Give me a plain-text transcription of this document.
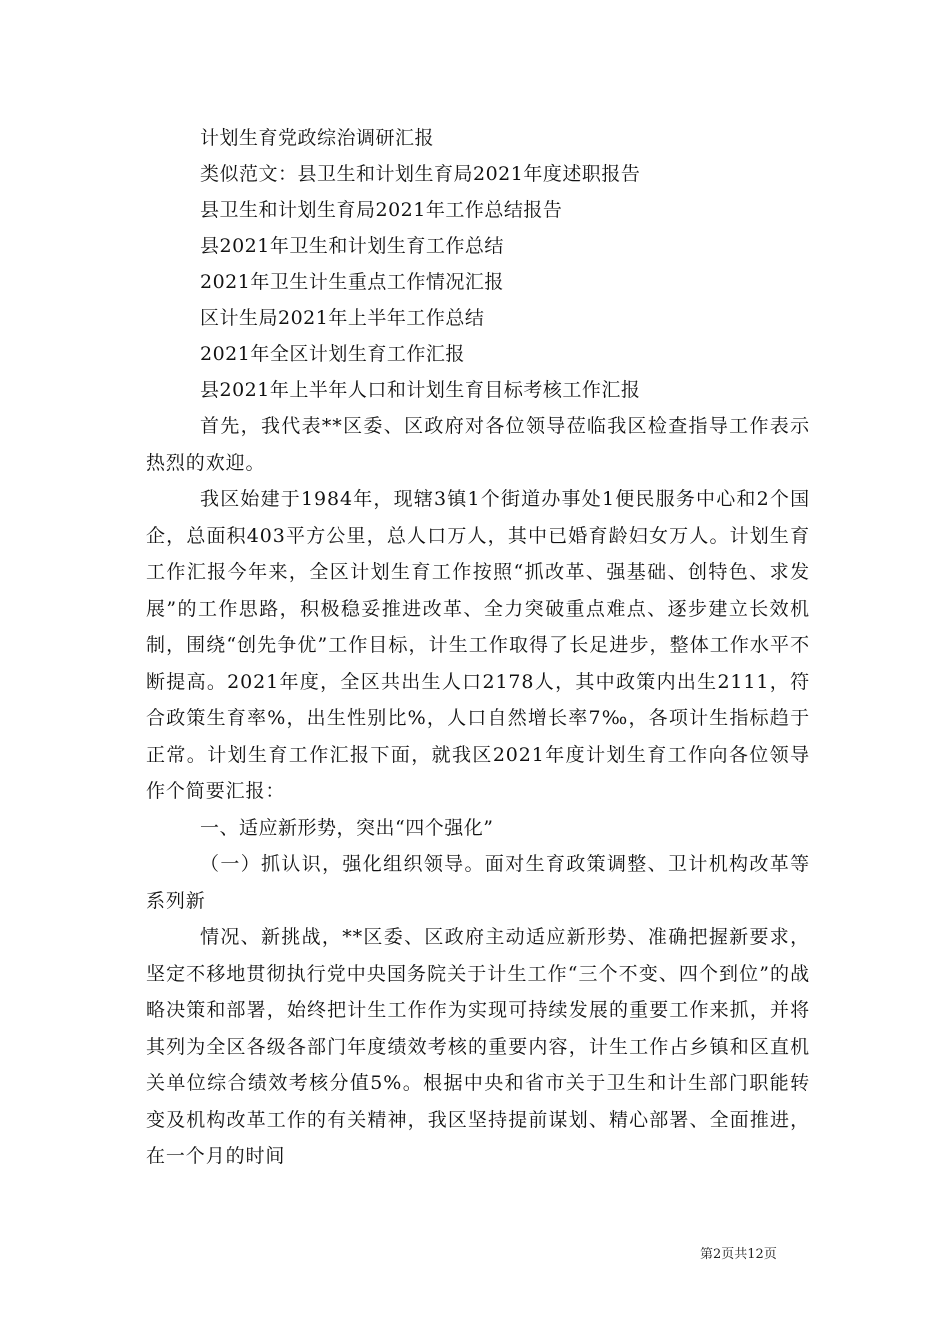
计划生育党政综治调研汇报
类似范文：县卫生和计划生育局2021年度述职报告
县卫生和计划生育局2021年工作总结报告
县2021年卫生和计划生育工作总结
2021年卫生计生重点工作情况汇报
区计生局2021年上半年工作总结
2021年全区计划生育工作汇报
县2021年上半年人口和计划生育目标考核工作汇报

首先，我代表**区委、区政府对各位领导莅临我区检查指导工作表示热烈的欢迎。

我区始建于1984年，现辖3镇1个街道办事处1便民服务中心和2个国企，总面积403平方公里，总人口万人，其中已婚育龄妇女万人。计划生育工作汇报今年来，全区计划生育工作按照“抓改革、强基础、创特色、求发展”的工作思路，积极稳妥推进改革、全力突破重点难点、逐步建立长效机制，围绕“创先争优”工作目标，计生工作取得了长足进步，整体工作水平不断提高。2021年度，全区共出生人口2178人，其中政策内出生2111，符合政策生育率%，出生性别比%，人口自然增长率7‰，各项计生指标趋于正常。计划生育工作汇报下面，就我区2021年度计划生育工作向各位领导作个简要汇报：

一、适应新形势，突出“四个强化”

（一）抓认识，强化组织领导。面对生育政策调整、卫计机构改革等系列新

情况、新挑战，**区委、区政府主动适应新形势、准确把握新要求，坚定不移地贯彻执行党中央国务院关于计生工作“三个不变、四个到位”的战略决策和部署，始终把计生工作作为实现可持续发展的重要工作来抓，并将其列为全区各级各部门年度绩效考核的重要内容，计生工作占乡镇和区直机关单位综合绩效考核分值5%。根据中央和省市关于卫生和计生部门职能转变及机构改革工作的有关精神，我区坚持提前谋划、精心部署、全面推进，在一个月的时间

第2页共12页
